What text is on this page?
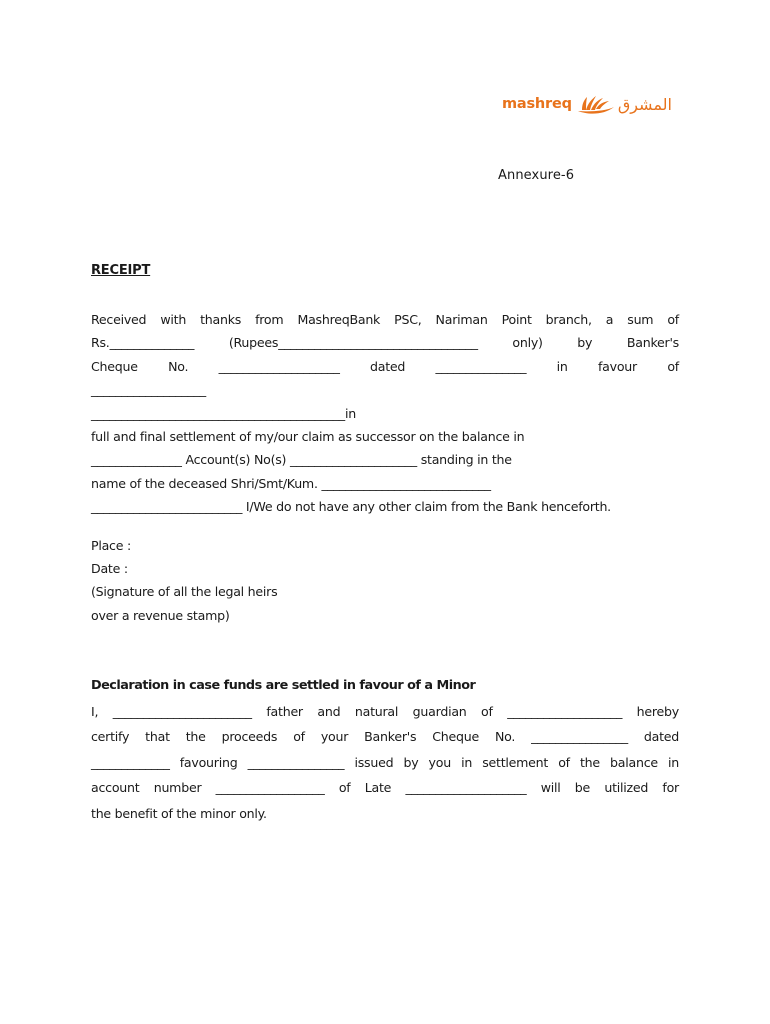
mashreq	المشرق
Annexure-6
RECEIPT
Received with thanks from MashreqBank PSC, Nariman Point branch, a sum of
Rs.______________ (Rupees_________________________________ only) by Banker's
Cheque No. ____________________ dated _______________ in favour of
___________________
__________________________________________in
full and final settlement of my/our claim as successor on the balance in
_______________ Account(s) No(s) _____________________ standing in the
name of the deceased Shri/Smt/Kum. ____________________________
_________________________ I/We do not have any other claim from the Bank henceforth.
Place :
Date :
(Signature of all the legal heirs
over a revenue stamp)
Declaration in case funds are settled in favour of a Minor
I, _______________________ father and natural guardian of ___________________ hereby
certify that the proceeds of your Banker's Cheque No. ________________ dated
_____________ favouring ________________ issued by you in settlement of the balance in
account number __________________ of Late ____________________ will be utilized for
the benefit of the minor only.
